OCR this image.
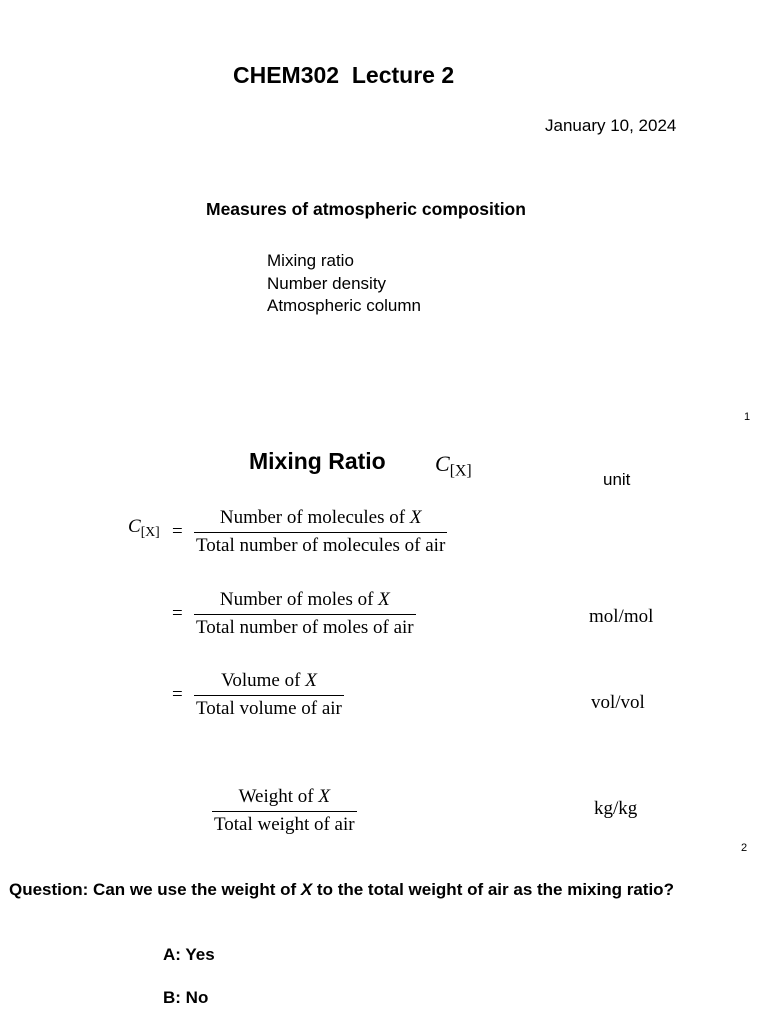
CHEM302  Lecture 2
January 10, 2024
Measures of atmospheric composition
Mixing ratio
Number density
Atmospheric column
1
Mixing Ratio $C_{[X]}$	unit
$C_{[X]}$ =
Number of molecules of X
Total number of molecules of air
=
Number of moles of X
Total number of moles of air
mol/mol
=
Volume of X
Total volume of air	vol/vol
Weight of X
Total weight of air
kg/kg
2
Question: Can we use the weight of X to the total weight of air as the mixing ratio?
A: Yes
B: No
